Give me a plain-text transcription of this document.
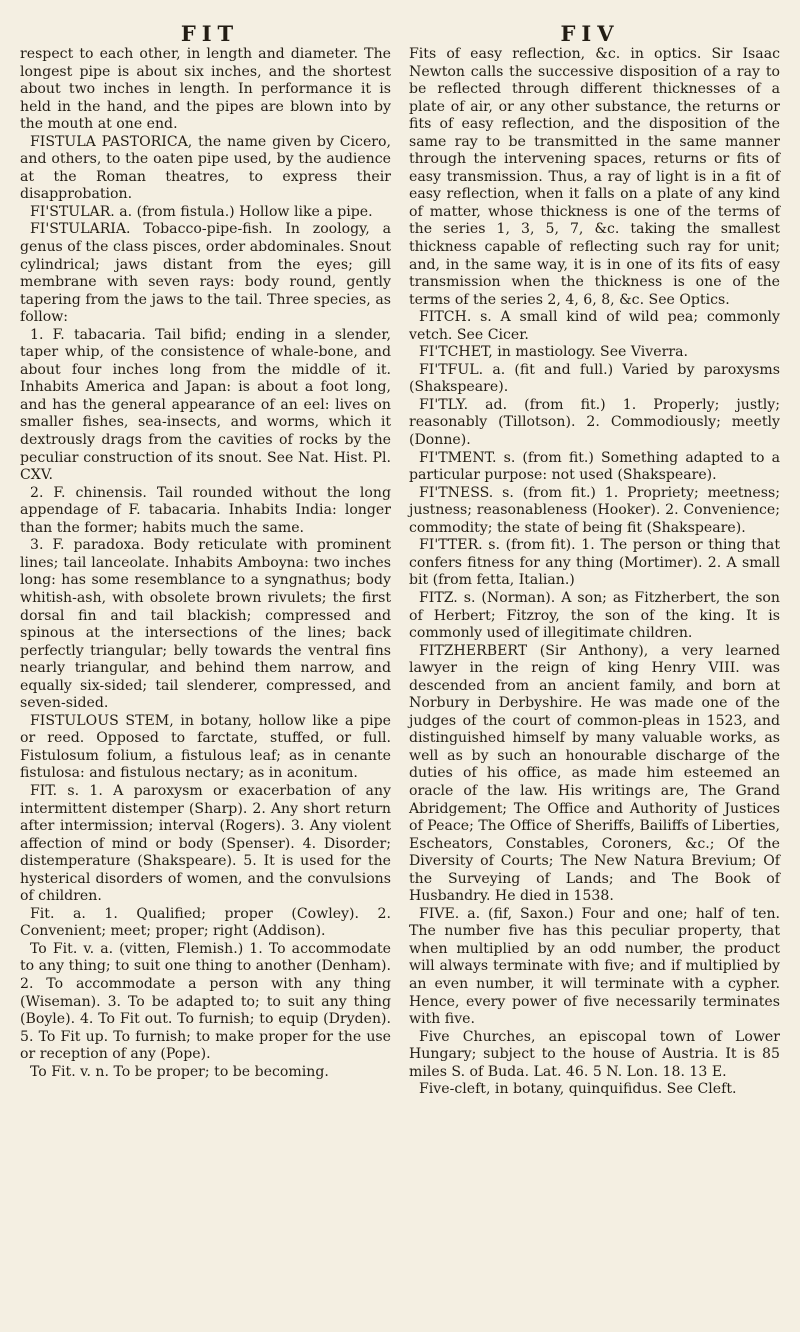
FIT	FIV

respect to each other, in length and diameter. The longest pipe is about six inches, and the shortest about two inches in length. In performance it is held in the hand, and the pipes are blown into by the mouth at one end.

FISTULA PASTORICA, the name given by Cicero, and others, to the oaten pipe used, by the audience at the Roman theatres, to express their disapprobation.

FI'STULAR. a. (from fistula.) Hollow like a pipe.

FI'STULARIA. Tobacco-pipe-fish. In zoology, a genus of the class pisces, order abdominales. Snout cylindrical; jaws distant from the eyes; gill membrane with seven rays: body round, gently tapering from the jaws to the tail. Three species, as follow:

1. F. tabacaria. Tail bifid; ending in a slender, taper whip, of the consistence of whale-bone, and about four inches long from the middle of it. Inhabits America and Japan: is about a foot long, and has the general appearance of an eel: lives on smaller fishes, sea-insects, and worms, which it dextrously drags from the cavities of rocks by the peculiar construction of its snout. See Nat. Hist. Pl. CXV.

2. F. chinensis. Tail rounded without the long appendage of F. tabacaria. Inhabits India: longer than the former; habits much the same.

3. F. paradoxa. Body reticulate with prominent lines; tail lanceolate. Inhabits Amboyna: two inches long: has some resemblance to a syngnathus; body whitish-ash, with obsolete brown rivulets; the first dorsal fin and tail blackish; compressed and spinous at the intersections of the lines; back perfectly triangular; belly towards the ventral fins nearly triangular, and behind them narrow, and equally six-sided; tail slenderer, compressed, and seven-sided.

FISTULOUS STEM, in botany, hollow like a pipe or reed. Opposed to farctate, stuffed, or full. Fistulosum folium, a fistulous leaf; as in cenante fistulosa: and fistulous nectary; as in aconitum.

FIT. s. 1. A paroxysm or exacerbation of any intermittent distemper (Sharp). 2. Any short return after intermission; interval (Rogers). 3. Any violent affection of mind or body (Spenser). 4. Disorder; distemperature (Shakspeare). 5. It is used for the hysterical disorders of women, and the convulsions of children.

Fit. a. 1. Qualified; proper (Cowley). 2. Convenient; meet; proper; right (Addison).

To Fit. v. a. (vitten, Flemish.) 1. To accommodate to any thing; to suit one thing to another (Denham). 2. To accommodate a person with any thing (Wiseman). 3. To be adapted to; to suit any thing (Boyle). 4. To Fit out. To furnish; to equip (Dryden). 5. To Fit up. To furnish; to make proper for the use or reception of any (Pope).

To Fit. v. n. To be proper; to be becoming.

Fits of easy reflection, &c. in optics. Sir Isaac Newton calls the successive disposition of a ray to be reflected through different thicknesses of a plate of air, or any other substance, the returns or fits of easy reflection, and the disposition of the same ray to be transmitted in the same manner through the intervening spaces, returns or fits of easy transmission. Thus, a ray of light is in a fit of easy reflection, when it falls on a plate of any kind of matter, whose thickness is one of the terms of the series 1, 3, 5, 7, &c. taking the smallest thickness capable of reflecting such ray for unit; and, in the same way, it is in one of its fits of easy transmission when the thickness is one of the terms of the series 2, 4, 6, 8, &c. See Optics.

FITCH. s. A small kind of wild pea; commonly vetch. See Cicer.

FI'TCHET, in mastiology. See Viverra.

FI'TFUL. a. (fit and full.) Varied by paroxysms (Shakspeare).

FI'TLY. ad. (from fit.) 1. Properly; justly; reasonably (Tillotson). 2. Commodiously; meetly (Donne).

FI'TMENT. s. (from fit.) Something adapted to a particular purpose: not used (Shakspeare).

FI'TNESS. s. (from fit.) 1. Propriety; meetness; justness; reasonableness (Hooker). 2. Convenience; commodity; the state of being fit (Shakspeare).

FI'TTER. s. (from fit). 1. The person or thing that confers fitness for any thing (Mortimer). 2. A small bit (from fetta, Italian.)

FITZ. s. (Norman). A son; as Fitzherbert, the son of Herbert; Fitzroy, the son of the king. It is commonly used of illegitimate children.

FITZHERBERT (Sir Anthony), a very learned lawyer in the reign of king Henry VIII. was descended from an ancient family, and born at Norbury in Derbyshire. He was made one of the judges of the court of common-pleas in 1523, and distinguished himself by many valuable works, as well as by such an honourable discharge of the duties of his office, as made him esteemed an oracle of the law. His writings are, The Grand Abridgement; The Office and Authority of Justices of Peace; The Office of Sheriffs, Bailiffs of Liberties, Escheators, Constables, Coroners, &c.; Of the Diversity of Courts; The New Natura Brevium; Of the Surveying of Lands; and The Book of Husbandry. He died in 1538.

FIVE. a. (fif, Saxon.) Four and one; half of ten. The number five has this peculiar property, that when multiplied by an odd number, the product will always terminate with five; and if multiplied by an even number, it will terminate with a cypher. Hence, every power of five necessarily terminates with five.

Five Churches, an episcopal town of Lower Hungary; subject to the house of Austria. It is 85 miles S. of Buda. Lat. 46. 5 N. Lon. 18. 13 E.

Five-cleft, in botany, quinquifidus. See Cleft.
